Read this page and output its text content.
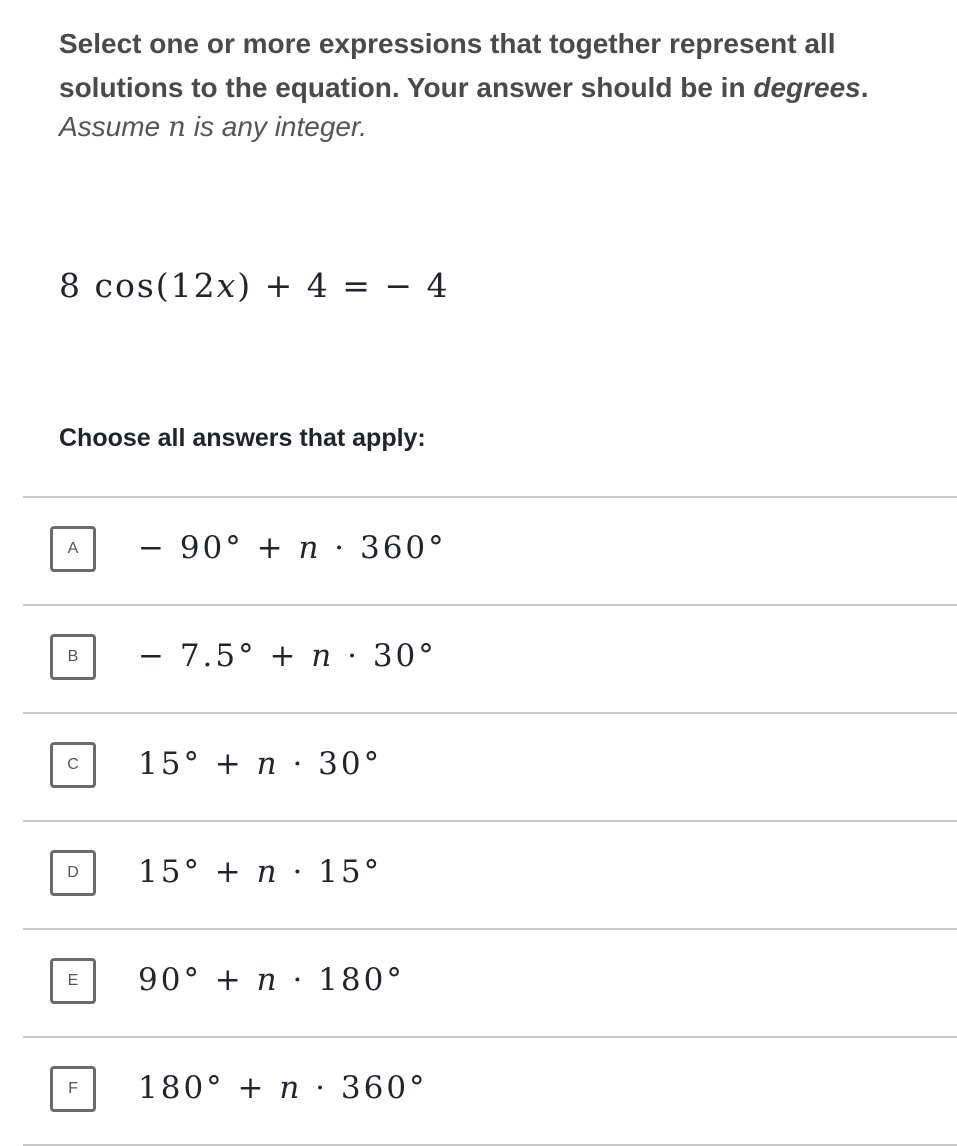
Select one or more expressions that together represent all solutions to the equation. Your answer should be in degrees.
Assume n is any integer.
8 cos(12𝑥) + 4 = − 4
Choose all answers that apply:
A	− 90° + 𝑛 · 360°
B	− 7.5° + 𝑛 · 30°
C	15° + 𝑛 · 30°
D	15° + 𝑛 · 15°
E	90° + 𝑛 · 180°
F	180° + 𝑛 · 360°
